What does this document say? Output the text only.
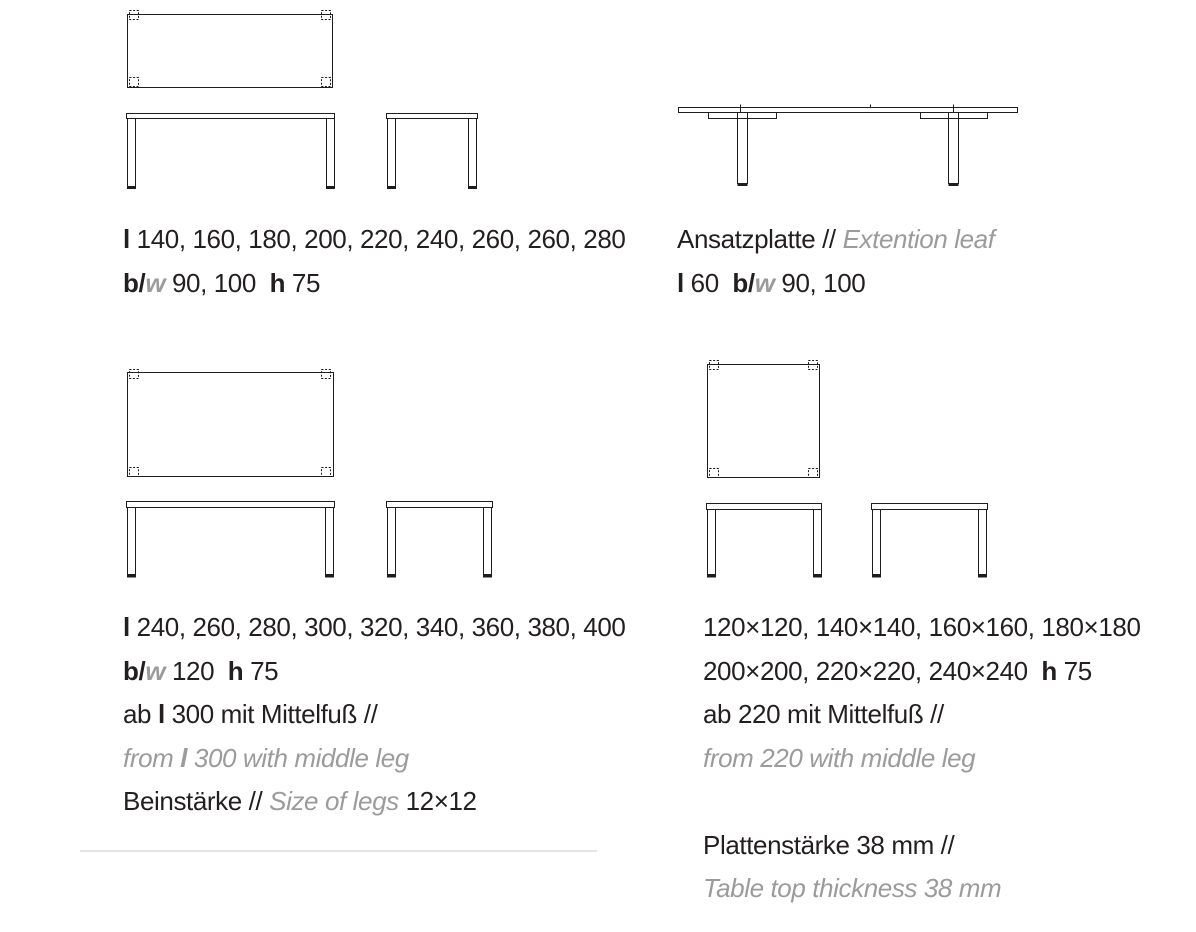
l 140, 160, 180, 200, 220, 240, 260, 260, 280
b/w 90, 100 h 75
Ansatzplatte // Extention leaf
l 60  b/w 90, 100
l 240, 260, 280, 300, 320, 340, 360, 380, 400
b/w 120  h 75
ab l 300 mit Mittelfuß //
from l 300 with middle leg
Beinstärke // Size of legs 12×12
120×120, 140×140, 160×160, 180×180
200×200, 220×220, 240×240  h 75
ab 220 mit Mittelfuß //
from 220 with middle leg
Plattenstärke 38 mm //
Table top thickness 38 mm
